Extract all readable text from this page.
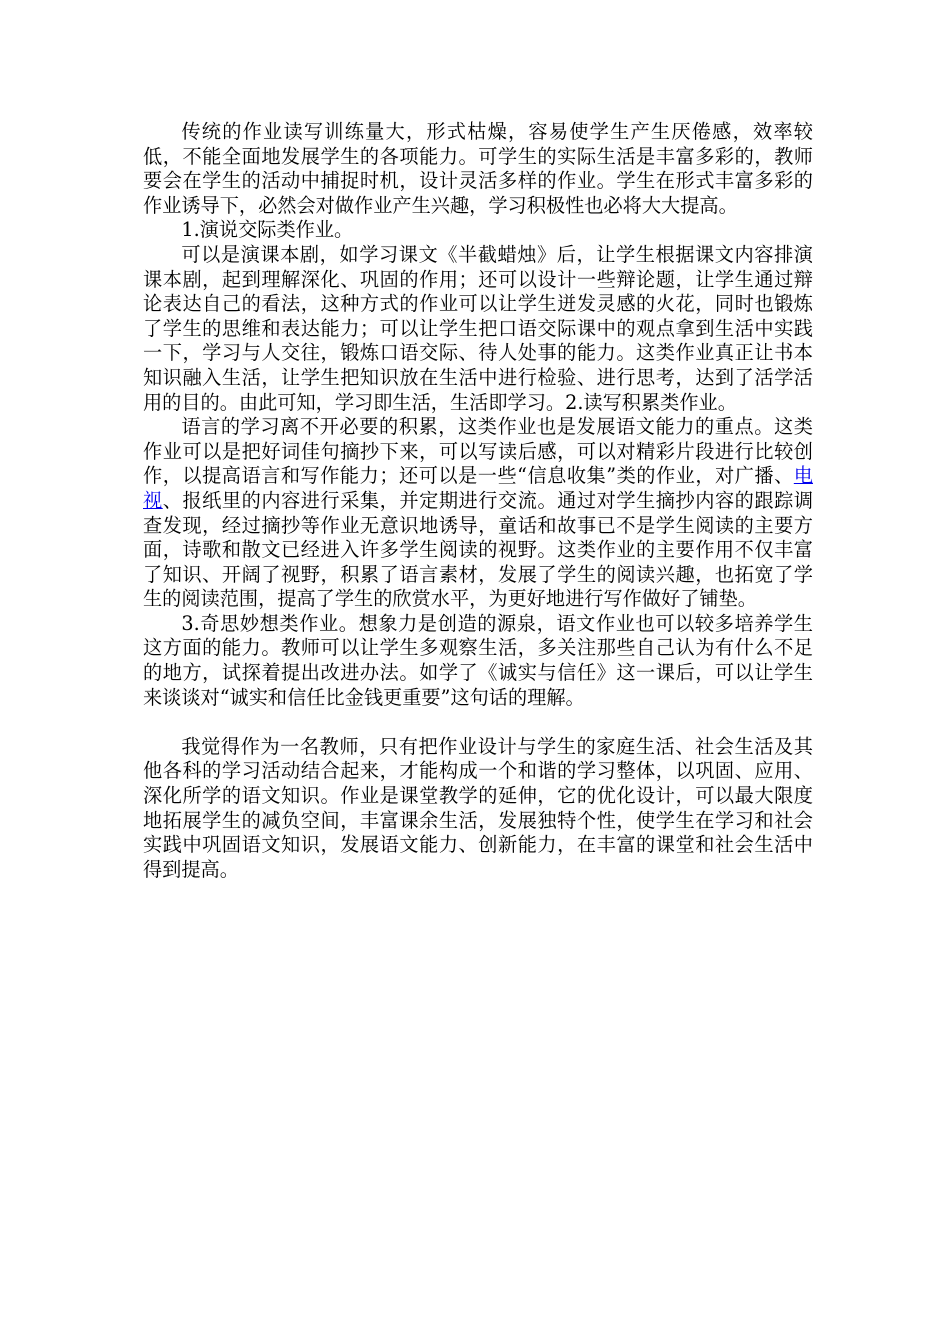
传统的作业读写训练量大，形式枯燥，容易使学生产生厌倦感，效率较低，不能全面地发展学生的各项能力。可学生的实际生活是丰富多彩的，教师要会在学生的活动中捕捉时机，设计灵活多样的作业。学生在形式丰富多彩的作业诱导下，必然会对做作业产生兴趣，学习积极性也必将大大提高。

1.演说交际类作业。

可以是演课本剧，如学习课文《半截蜡烛》后，让学生根据课文内容排演课本剧，起到理解深化、巩固的作用；还可以设计一些辩论题，让学生通过辩论表达自己的看法，这种方式的作业可以让学生迸发灵感的火花，同时也锻炼了学生的思维和表达能力；可以让学生把口语交际课中的观点拿到生活中实践一下，学习与人交往，锻炼口语交际、待人处事的能力。这类作业真正让书本知识融入生活，让学生把知识放在生活中进行检验、进行思考，达到了活学活用的目的。由此可知，学习即生活，生活即学习。2.读写积累类作业。

语言的学习离不开必要的积累，这类作业也是发展语文能力的重点。这类作业可以是把好词佳句摘抄下来，可以写读后感，可以对精彩片段进行比较创作，以提高语言和写作能力；还可以是一些“信息收集”类的作业，对广播、电视、报纸里的内容进行采集，并定期进行交流。通过对学生摘抄内容的跟踪调查发现，经过摘抄等作业无意识地诱导，童话和故事已不是学生阅读的主要方面，诗歌和散文已经进入许多学生阅读的视野。这类作业的主要作用不仅丰富了知识、开阔了视野，积累了语言素材，发展了学生的阅读兴趣，也拓宽了学生的阅读范围，提高了学生的欣赏水平，为更好地进行写作做好了铺垫。

3.奇思妙想类作业。想象力是创造的源泉，语文作业也可以较多培养学生这方面的能力。教师可以让学生多观察生活，多关注那些自己认为有什么不足的地方，试探着提出改进办法。如学了《诚实与信任》这一课后，可以让学生来谈谈对“诚实和信任比金钱更重要”这句话的理解。

我觉得作为一名教师，只有把作业设计与学生的家庭生活、社会生活及其他各科的学习活动结合起来，才能构成一个和谐的学习整体，以巩固、应用、深化所学的语文知识。作业是课堂教学的延伸，它的优化设计，可以最大限度地拓展学生的减负空间，丰富课余生活，发展独特个性，使学生在学习和社会实践中巩固语文知识，发展语文能力、创新能力，在丰富的课堂和社会生活中得到提高。
